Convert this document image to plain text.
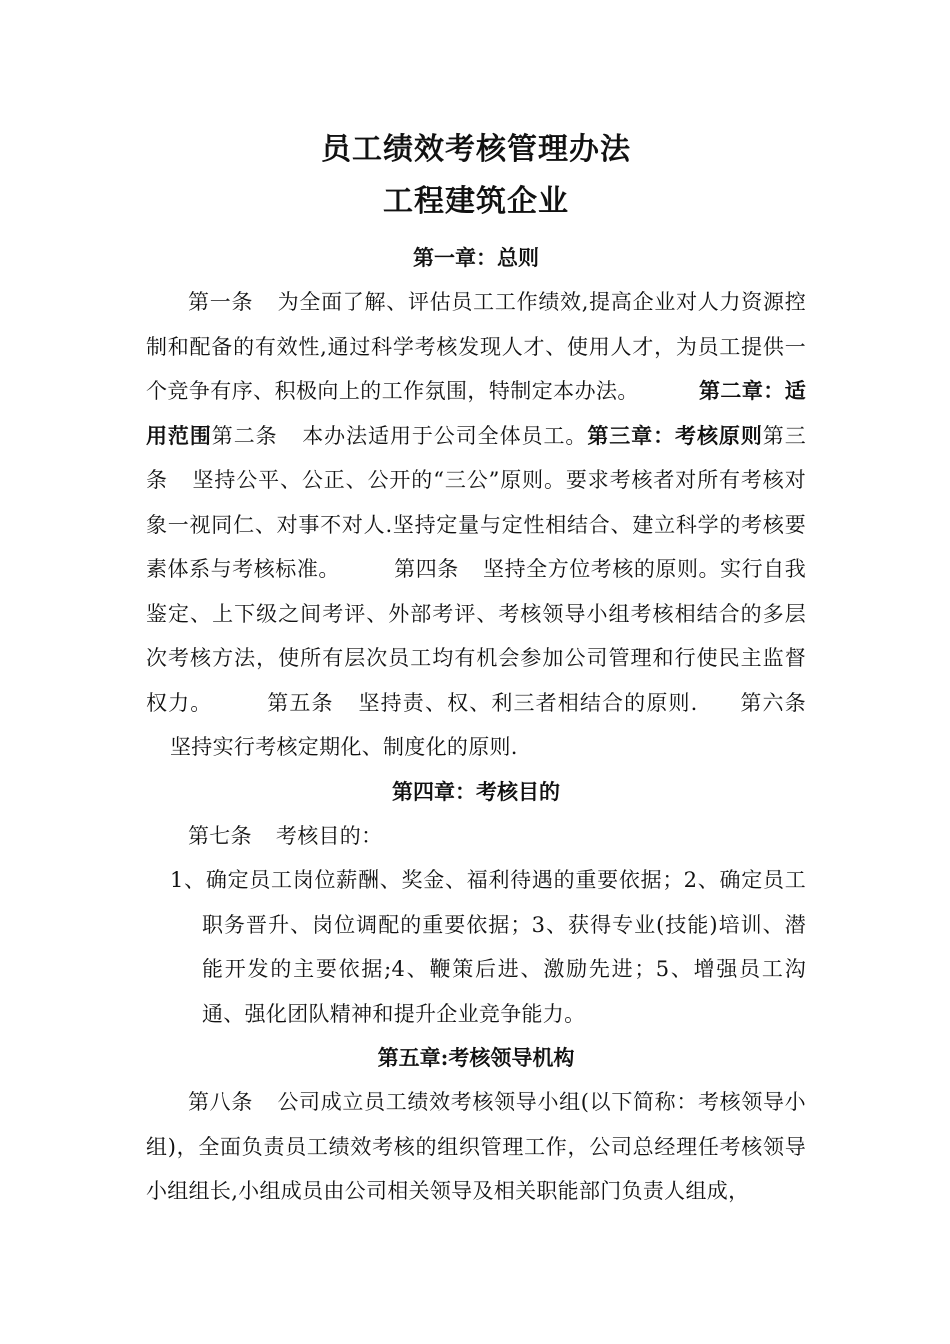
员工绩效考核管理办法
工程建筑企业
第一章：总则
第一条 为全面了解、评估员工工作绩效,提高企业对人力资源控制和配备的有效性,通过科学考核发现人才、使用人才，为员工提供一个竞争有序、积极向上的工作氛围，特制定本办法。	第二章：适用范围第二条 本办法适用于公司全体员工。第三章：考核原则第三条 坚持公平、公正、公开的“三公”原则。要求考核者对所有考核对象一视同仁、对事不对人.坚持定量与定性相结合、建立科学的考核要素体系与考核标准。	第四条 坚持全方位考核的原则。实行自我鉴定、上下级之间考评、外部考评、考核领导小组考核相结合的多层次考核方法，使所有层次员工均有机会参加公司管理和行使民主监督权力。	第五条 坚持责、权、利三者相结合的原则. 第六条坚持实行考核定期化、制度化的原则.
第四章：考核目的
第七条 考核目的：
1、确定员工岗位薪酬、奖金、福利待遇的重要依据；2、确定员工职务晋升、岗位调配的重要依据；3、获得专业(技能)培训、潜能开发的主要依据;4、鞭策后进、激励先进；5、增强员工沟通、强化团队精神和提升企业竞争能力。
第五章:考核领导机构
第八条 公司成立员工绩效考核领导小组(以下简称：考核领导小组)，全面负责员工绩效考核的组织管理工作，公司总经理任考核领导小组组长,小组成员由公司相关领导及相关职能部门负责人组成，
